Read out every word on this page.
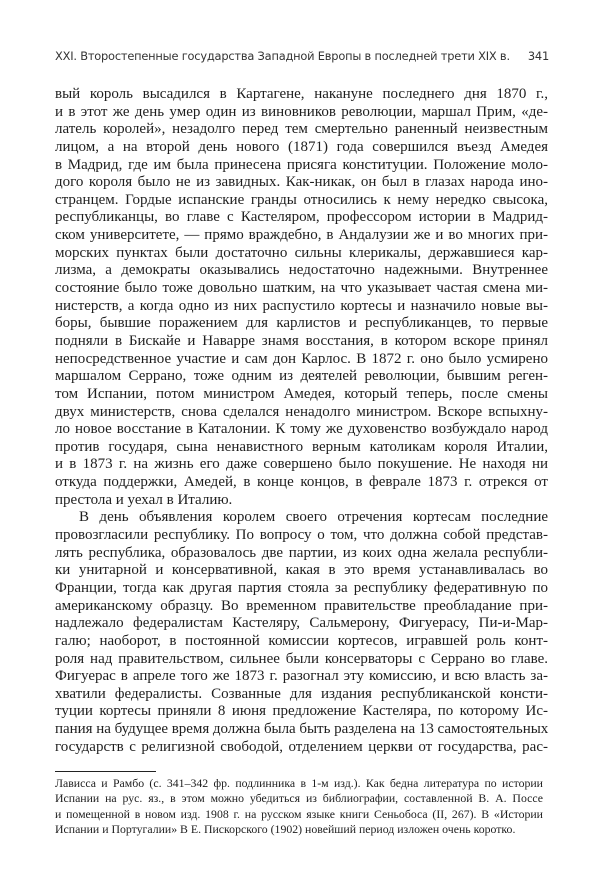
XXI. Второстепенные государства Западной Европы в последней трети XIX в. 341
вый король высадился в Картагене, накануне последнего дня 1870 г.,
и в этот же день умер один из виновников революции, маршал Прим, «де-
латель королей», незадолго перед тем смертельно раненный неизвестным
лицом, а на второй день нового (1871) года совершился въезд Амедея
в Мадрид, где им была принесена присяга конституции. Положение моло-
дого короля было не из завидных. Как-никак, он был в глазах народа ино-
странцем. Гордые испанские гранды относились к нему нередко свысока,
республиканцы, во главе с Кастеляром, профессором истории в Мадрид-
ском университете, — прямо враждебно, в Андалузии же и во многих при-
морских пунктах были достаточно сильны клерикалы, державшиеся кар-
лизма, а демократы оказывались недостаточно надежными. Внутреннее
состояние было тоже довольно шатким, на что указывает частая смена ми-
нистерств, а когда одно из них распустило кортесы и назначило новые вы-
боры, бывшие поражением для карлистов и республиканцев, то первые
подняли в Бискайе и Наварре знамя восстания, в котором вскоре принял
непосредственное участие и сам дон Карлос. В 1872 г. оно было усмирено
маршалом Серрано, тоже одним из деятелей революции, бывшим реген-
том Испании, потом министром Амедея, который теперь, после смены
двух министерств, снова сделался ненадолго министром. Вскоре вспыхну-
ло новое восстание в Каталонии. К тому же духовенство возбуждало народ
против государя, сына ненавистного верным католикам короля Италии,
и в 1873 г. на жизнь его даже совершено было покушение. Не находя ни
откуда поддержки, Амедей, в конце концов, в феврале 1873 г. отрекся от
престола и уехал в Италию.
В день объявления королем своего отречения кортесам последние
провозгласили республику. По вопросу о том, что должна собой представ-
лять республика, образовалось две партии, из коих одна желала республи-
ки унитарной и консервативной, какая в это время устанавливалась во
Франции, тогда как другая партия стояла за республику федеративную по
американскому образцу. Во временном правительстве преобладание при-
надлежало федералистам Кастеляру, Сальмерону, Фигуерасу, Пи-и-Мар-
галю; наоборот, в постоянной комиссии кортесов, игравшей роль конт-
роля над правительством, сильнее были консерваторы с Серрано во главе.
Фигуерас в апреле того же 1873 г. разогнал эту комиссию, и всю власть за-
хватили федералисты. Созванные для издания республиканской консти-
туции кортесы приняли 8 июня предложение Кастеляра, по которому Ис-
пания на будущее время должна была быть разделена на 13 самостоятельных
государств с религизной свободой, отделением церкви от государства, рас-
Лависса и Рамбо (с. 341–342 фр. подлинника в 1-м изд.). Как бедна литература по истории
Испании на рус. яз., в этом можно убедиться из библиографии, составленной В. А. Поссе
и помещенной в новом изд. 1908 г. на русском языке книги Сеньобоса (II, 267). В «Истории
Испании и Португалии» В Е. Пискорского (1902) новейший период изложен очень коротко.
